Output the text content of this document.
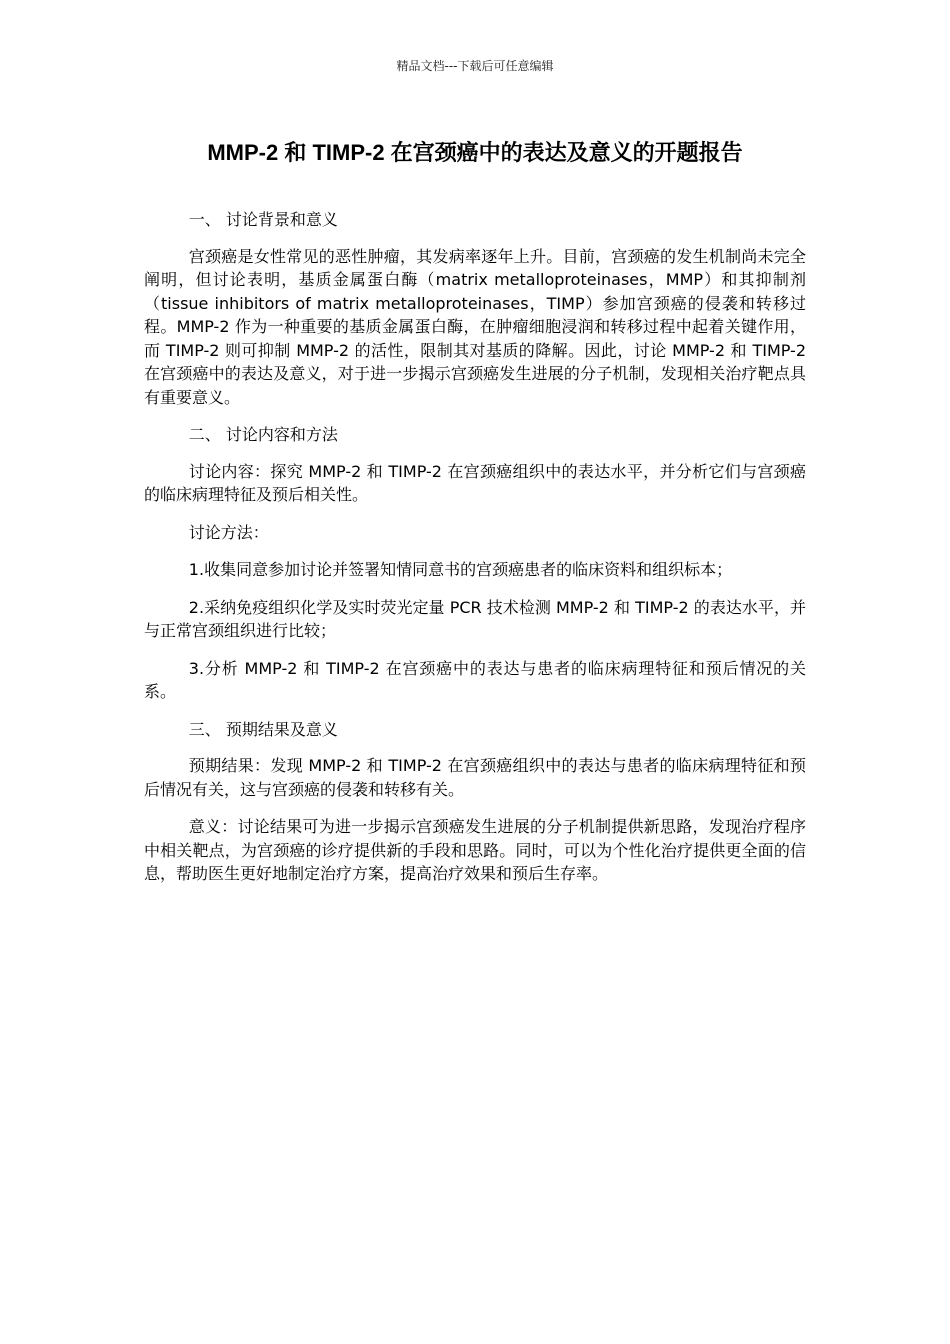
精品文档---下载后可任意编辑
MMP-2 和 TIMP-2 在宫颈癌中的表达及意义的开题报告

一、 讨论背景和意义

宫颈癌是女性常见的恶性肿瘤，其发病率逐年上升。目前，宫颈癌的发生机制尚未完全阐明，但讨论表明，基质金属蛋白酶（matrix metalloproteinases，MMP）和其抑制剂（tissue inhibitors of matrix metalloproteinases，TIMP）参加宫颈癌的侵袭和转移过程。MMP-2 作为一种重要的基质金属蛋白酶，在肿瘤细胞浸润和转移过程中起着关键作用，而 TIMP-2 则可抑制 MMP-2 的活性，限制其对基质的降解。因此，讨论 MMP-2 和 TIMP-2 在宫颈癌中的表达及意义，对于进一步揭示宫颈癌发生进展的分子机制，发现相关治疗靶点具有重要意义。

二、 讨论内容和方法

讨论内容：探究 MMP-2 和 TIMP-2 在宫颈癌组织中的表达水平，并分析它们与宫颈癌的临床病理特征及预后相关性。

讨论方法：

1.收集同意参加讨论并签署知情同意书的宫颈癌患者的临床资料和组织标本；

2.采纳免疫组织化学及实时荧光定量 PCR 技术检测 MMP-2 和 TIMP-2 的表达水平，并与正常宫颈组织进行比较；

3.分析 MMP-2 和 TIMP-2 在宫颈癌中的表达与患者的临床病理特征和预后情况的关系。

三、 预期结果及意义

预期结果：发现 MMP-2 和 TIMP-2 在宫颈癌组织中的表达与患者的临床病理特征和预后情况有关，这与宫颈癌的侵袭和转移有关。

意义：讨论结果可为进一步揭示宫颈癌发生进展的分子机制提供新思路，发现治疗程序中相关靶点，为宫颈癌的诊疗提供新的手段和思路。同时，可以为个性化治疗提供更全面的信息，帮助医生更好地制定治疗方案，提高治疗效果和预后生存率。
